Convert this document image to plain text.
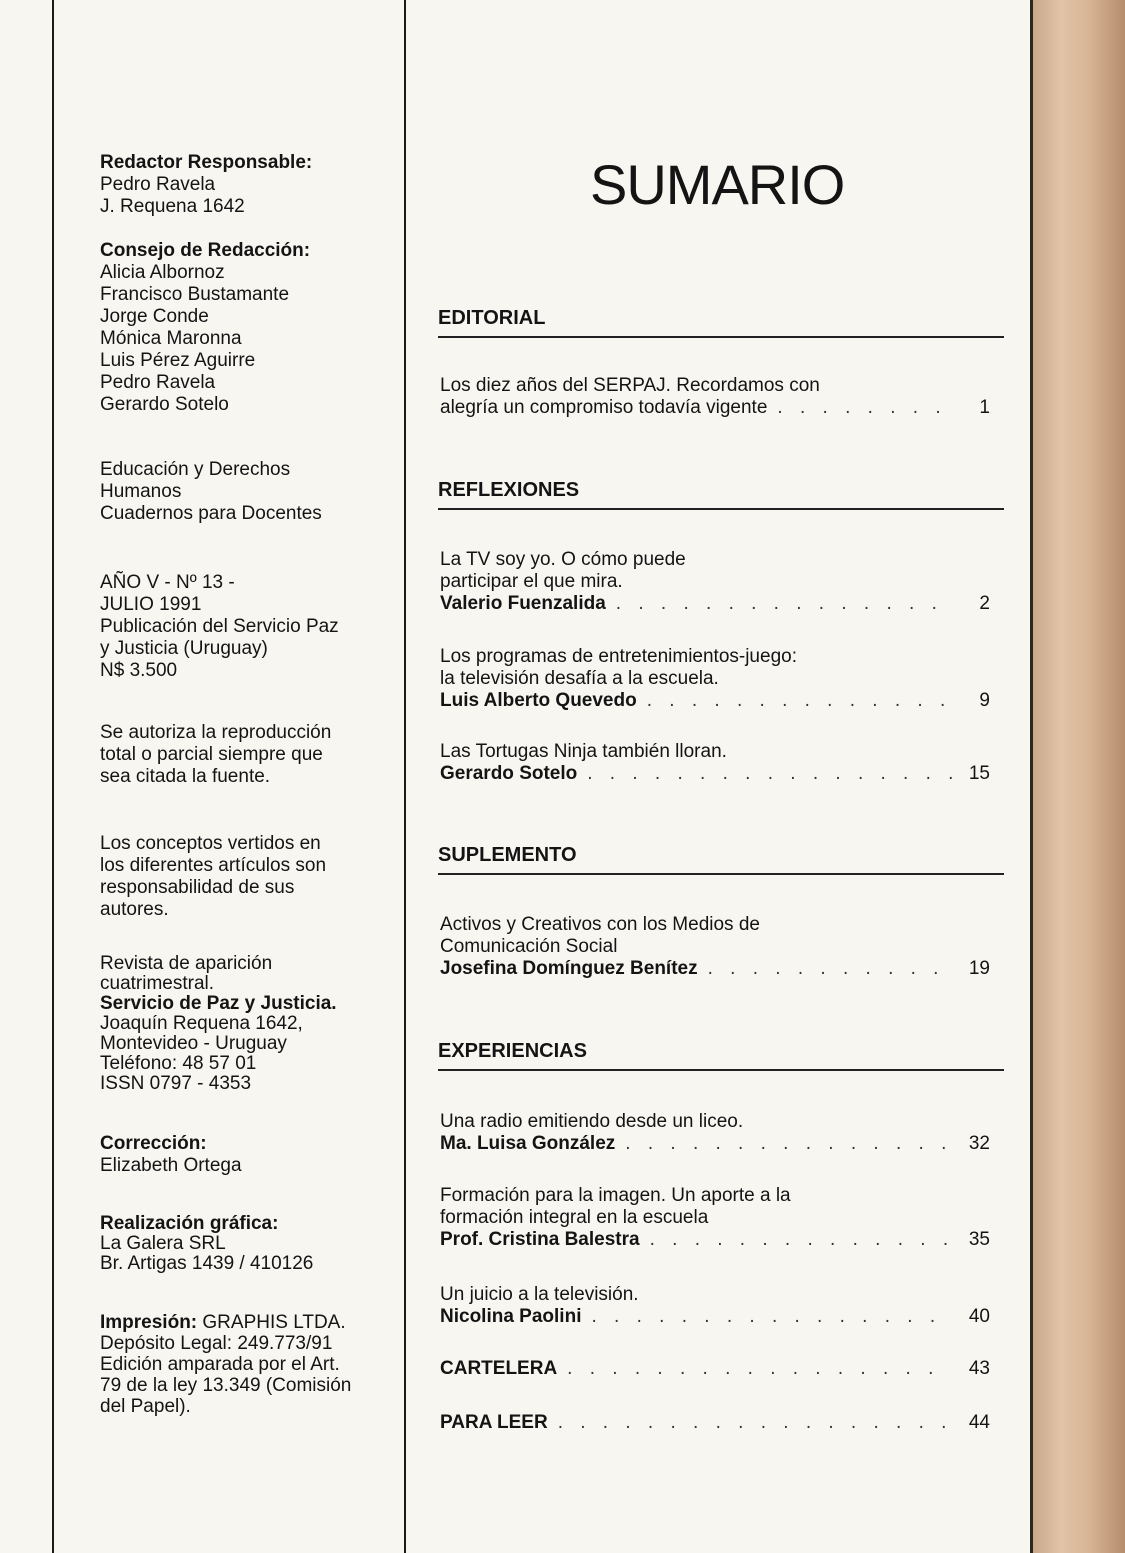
Redactor Responsable:
Pedro Ravela
J. Requena 1642
Consejo de Redacción:
Alicia Albornoz
Francisco Bustamante
Jorge Conde
Mónica Maronna
Luis Pérez Aguirre
Pedro Ravela
Gerardo Sotelo
Educación y Derechos
Humanos
Cuadernos para Docentes
AÑO V - Nº 13 -
JULIO 1991
Publicación del Servicio Paz
y Justicia (Uruguay)
N$ 3.500
Se autoriza la reproducción
total o parcial siempre que
sea citada la fuente.
Los conceptos vertidos en
los diferentes artículos son
responsabilidad de sus
autores.
Revista de aparición
cuatrimestral.
Servicio de Paz y Justicia.
Joaquín Requena 1642,
Montevideo - Uruguay
Teléfono: 48 57 01
ISSN 0797 - 4353
Corrección:
Elizabeth Ortega
Realización gráfica:
La Galera SRL
Br. Artigas 1439 / 410126
Impresión: GRAPHIS LTDA.
Depósito Legal: 249.773/91
Edición amparada por el Art.
79 de la ley 13.349 (Comisión
del Papel).
SUMARIO
EDITORIAL
Los diez años del SERPAJ. Recordamos con
alegría un compromiso todavía vigente . . .	1
REFLEXIONES
La TV soy yo. O cómo puede
participar el que mira.
Valerio Fuenzalida . . .	2
Los programas de entretenimientos-juego:
la televisión desafía a la escuela.
Luis Alberto Quevedo . . .	9
Las Tortugas Ninja también lloran.
Gerardo Sotelo . . .	15
SUPLEMENTO
Activos y Creativos con los Medios de
Comunicación Social
Josefina Domínguez Benítez . . .	19
EXPERIENCIAS
Una radio emitiendo desde un liceo.
Ma. Luisa González . . .	32
Formación para la imagen. Un aporte a la
formación integral en la escuela
Prof. Cristina Balestra . . .	35
Un juicio a la televisión.
Nicolina Paolini . . .	40
CARTELERA . . .	43
PARA LEER . . .	44
